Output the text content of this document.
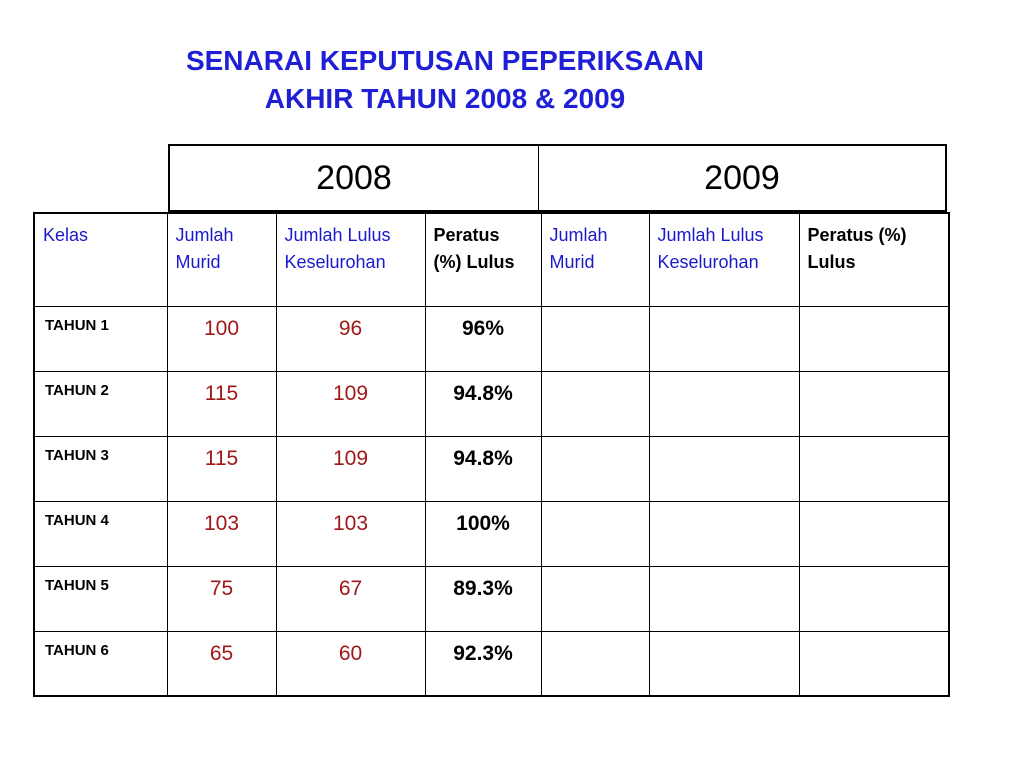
SENARAI KEPUTUSAN PEPERIKSAAN
AKHIR TAHUN 2008 & 2009
2008	2009
Kelas	Jumlah Murid	Jumlah Lulus Keselurohan	Peratus (%) Lulus	Jumlah Murid	Jumlah Lulus Keselurohan	Peratus (%) Lulus
TAHUN 1	100	96	96%			
TAHUN 2	115	109	94.8%			
TAHUN 3	115	109	94.8%			
TAHUN 4	103	103	100%			
TAHUN 5	75	67	89.3%			
TAHUN 6	65	60	92.3%			
